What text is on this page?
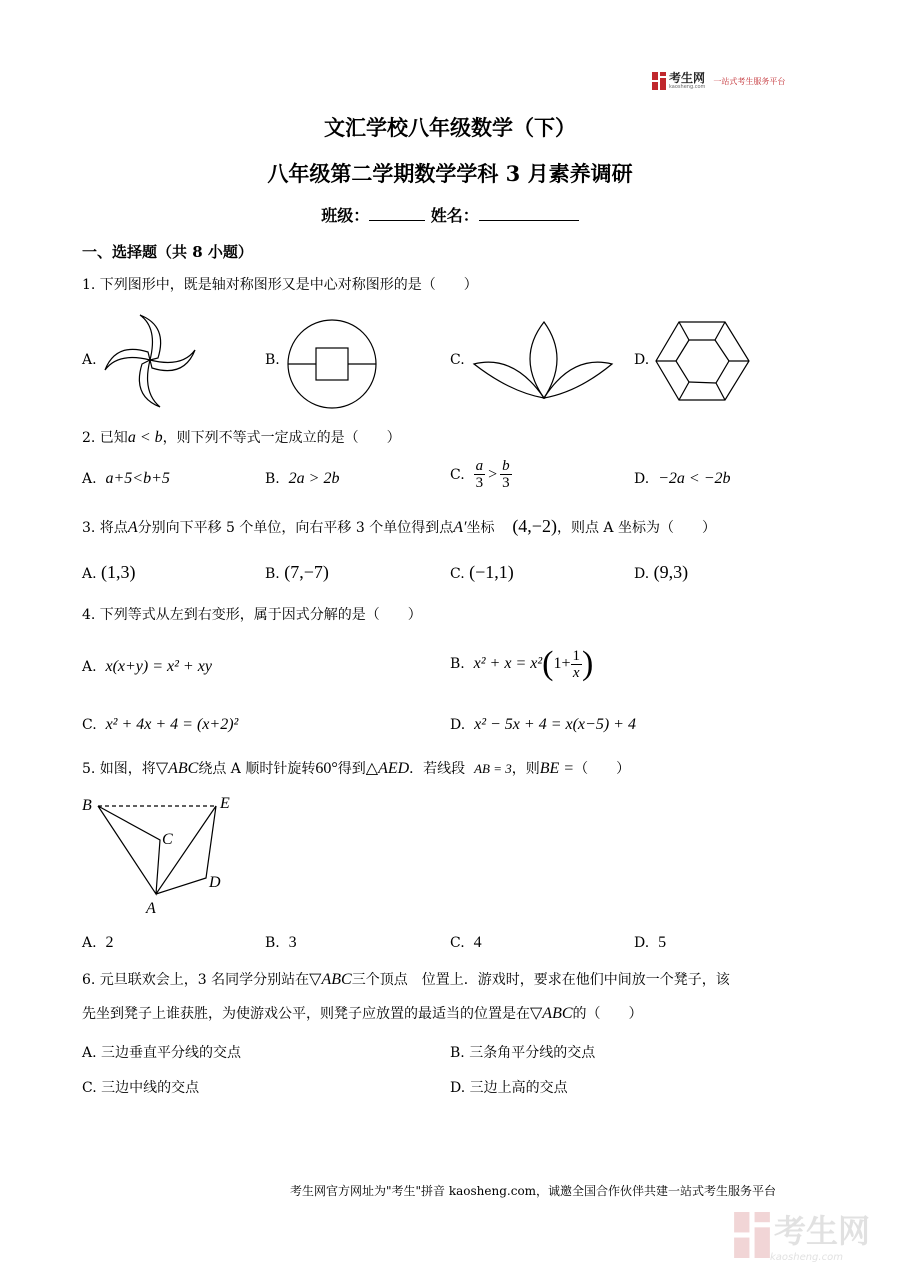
考生网
kaosheng.com
一站式考生服务平台
文汇学校八年级数学（下）
八年级第二学期数学学科 3 月素养调研
班级：	姓名：
一、选择题（共 8 小题）
1. 下列图形中，既是轴对称图形又是中心对称图形的是（　　）
A.	B.	C.	D.
2. 已知a < b，则下列不等式一定成立的是（　　）
A. a+5<b+5	B. 2a > 2b	C.
$\frac{a}{3} > \frac{b}{3}$	D. −2a < −2b
3. 将点A分别向下平移 5 个单位，向右平移 3 个单位得到点A′坐标 (4,−2)，则点 A 坐标为（　　）
A. (1,3)	B. (7,−7)	C. (−1,1)	D. (9,3)
4. 下列等式从左到右变形，属于因式分解的是（　　）
A. x(x+y) = x² + xy	B.
x² + x = x² ( $1+ \frac{1}{x}$ )
C. x² + 4x + 4 = (x+2)²	D. x² − 5x + 4 = x(x−5) + 4
5. 如图，将▽ABC绕点 A 顺时针旋转60°得到△AED．若线段 AB = 3，则BE =（　　）
B	E
C
D
A
A. 2	B. 3	C. 4	D. 5
6. 元旦联欢会上，3 名同学分别站在▽ABC三个顶点　位置上．游戏时，要求在他们中间放一个凳子，该
先坐到凳子上谁获胜，为使游戏公平，则凳子应放置的最适当的位置是在▽ABC的（　　）
A. 三边垂直平分线的交点	B. 三条角平分线的交点
C. 三边中线的交点	D. 三边上高的交点
考生网官方网址为"考生"拼音 kaosheng.com，诚邀全国合作伙伴共建一站式考生服务平台
考生网
kaosheng.com
